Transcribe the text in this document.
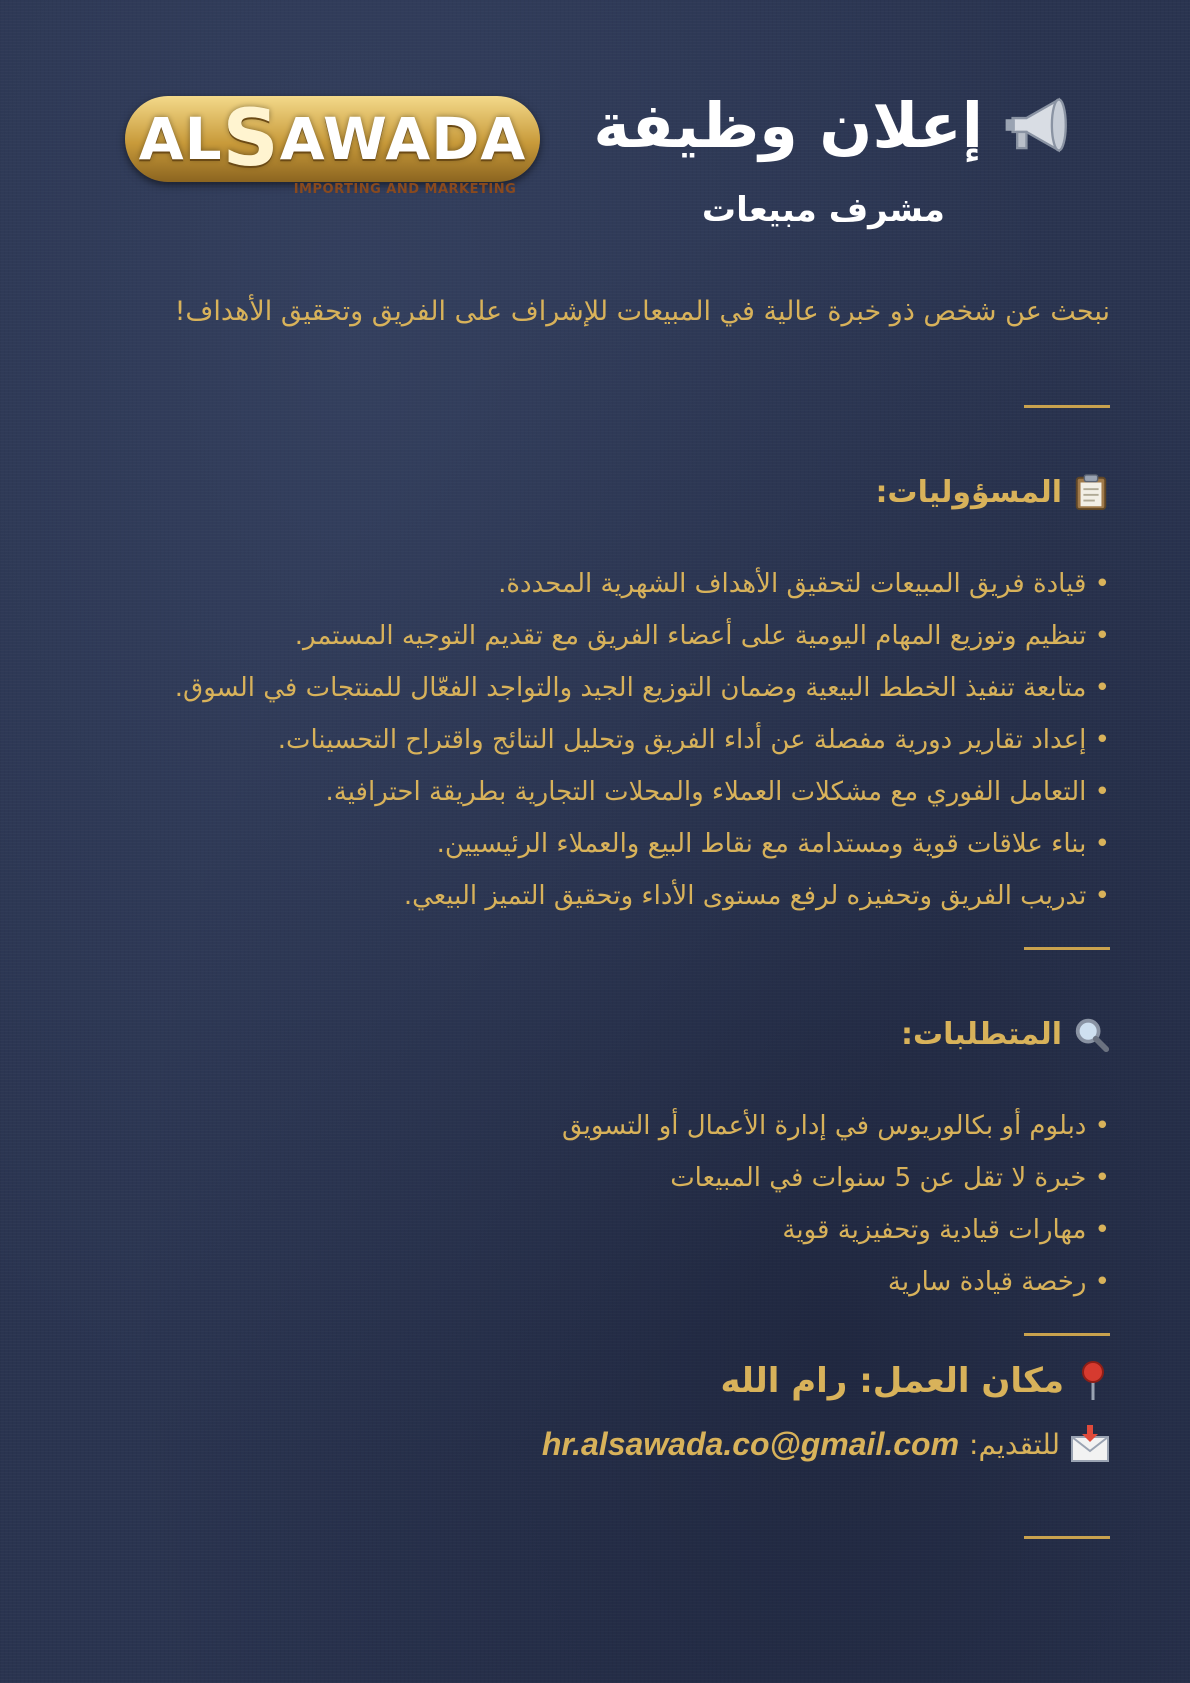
AL S AWADA
IMPORTING AND MARKETING
إعلان وظيفة
مشرف مبيعات
نبحث عن شخص ذو خبرة عالية في المبيعات للإشراف على الفريق وتحقيق الأهداف!
المسؤوليات:
• قيادة فريق المبيعات لتحقيق الأهداف الشهرية المحددة.
• تنظيم وتوزيع المهام اليومية على أعضاء الفريق مع تقديم التوجيه المستمر.
• متابعة تنفيذ الخطط البيعية وضمان التوزيع الجيد والتواجد الفعّال للمنتجات في السوق.
• إعداد تقارير دورية مفصلة عن أداء الفريق وتحليل النتائج واقتراح التحسينات.
• التعامل الفوري مع مشكلات العملاء والمحلات التجارية بطريقة احترافية.
• بناء علاقات قوية ومستدامة مع نقاط البيع والعملاء الرئيسيين.
• تدريب الفريق وتحفيزه لرفع مستوى الأداء وتحقيق التميز البيعي.
المتطلبات:
• دبلوم أو بكالوريوس في إدارة الأعمال أو التسويق
• خبرة لا تقل عن 5 سنوات في المبيعات
• مهارات قيادية وتحفيزية قوية
• رخصة قيادة سارية
مكان العمل: رام الله
للتقديم:
hr.alsawada.co@gmail.com
